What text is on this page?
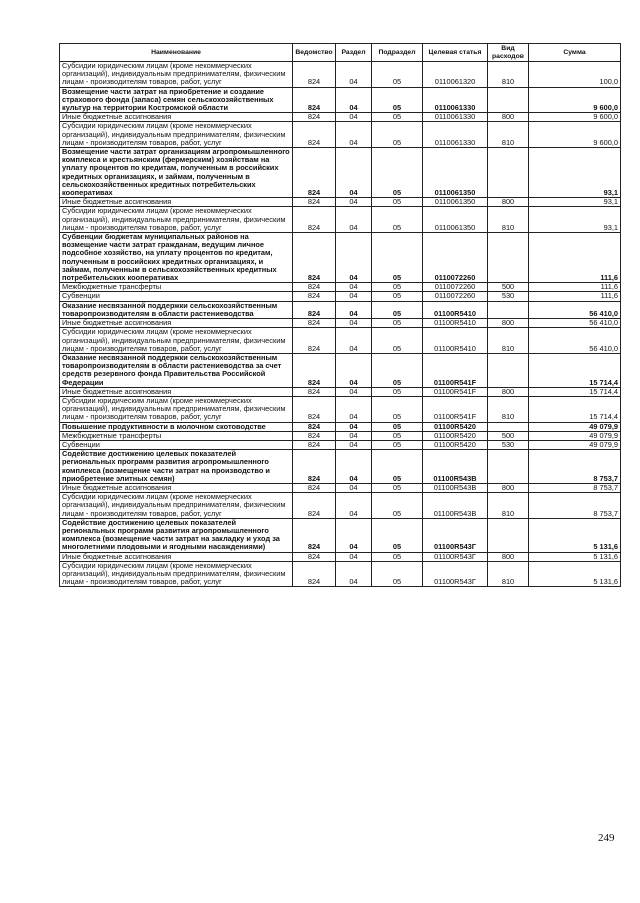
Наименование	Ведомство	Раздел	Подраздел	Целевая статья	Вид расходов	Сумма
Субсидии юридическим лицам (кроме некоммерческих организаций), индивидуальным предпринимателям, физическим лицам - производителям товаров, работ, услуг	824	04	05	0110061320	810	100,0
Возмещение части затрат на приобретение и создание страхового фонда (запаса) семян сельскохозяйственных культур на территории Костромской области	824	04	05	0110061330		9 600,0
Иные бюджетные ассигнования	824	04	05	0110061330	800	9 600,0
Субсидии юридическим лицам (кроме некоммерческих организаций), индивидуальным предпринимателям, физическим лицам - производителям товаров, работ, услуг	824	04	05	0110061330	810	9 600,0
Возмещение части затрат организациям агропромышленного комплекса и крестьянским (фермерским) хозяйствам на уплату процентов по кредитам, полученным в российских кредитных организациях, и займам, полученным в сельскохозяйственных кредитных потребительских кооперативах	824	04	05	0110061350		93,1
Иные бюджетные ассигнования	824	04	05	0110061350	800	93,1
Субсидии юридическим лицам (кроме некоммерческих организаций), индивидуальным предпринимателям, физическим лицам - производителям товаров, работ, услуг	824	04	05	0110061350	810	93,1
Субвенции бюджетам муниципальных районов на возмещение части затрат гражданам, ведущим личное подсобное хозяйство, на уплату процентов по кредитам, полученным в российских кредитных организациях, и займам, полученным в сельскохозяйственных кредитных потребительских кооперативах	824	04	05	0110072260		111,6
Межбюджетные трансферты	824	04	05	0110072260	500	111,6
Субвенции	824	04	05	0110072260	530	111,6
Оказание несвязанной поддержки сельскохозяйственным товаропроизводителям в области растениеводства	824	04	05	01100R5410		56 410,0
Иные бюджетные ассигнования	824	04	05	01100R5410	800	56 410,0
Субсидии юридическим лицам (кроме некоммерческих организаций), индивидуальным предпринимателям, физическим лицам - производителям товаров, работ, услуг	824	04	05	01100R5410	810	56 410,0
Оказание несвязанной поддержки сельскохозяйственным товаропроизводителям в области растениеводства за счет средств резервного фонда Правительства Российской Федерации	824	04	05	01100R541F		15 714,4
Иные бюджетные ассигнования	824	04	05	01100R541F	800	15 714,4
Субсидии юридическим лицам (кроме некоммерческих организаций), индивидуальным предпринимателям, физическим лицам - производителям товаров, работ, услуг	824	04	05	01100R541F	810	15 714,4
Повышение продуктивности в молочном скотоводстве	824	04	05	01100R5420		49 079,9
Межбюджетные трансферты	824	04	05	01100R5420	500	49 079,9
Субвенции	824	04	05	01100R5420	530	49 079,9
Содействие достижению целевых показателей региональных программ развития агропромышленного комплекса (возмещение части затрат на производство и приобретение элитных семян)	824	04	05	01100R543B		8 753,7
Иные бюджетные ассигнования	824	04	05	01100R543B	800	8 753,7
Субсидии юридическим лицам (кроме некоммерческих организаций), индивидуальным предпринимателям, физическим лицам - производителям товаров, работ, услуг	824	04	05	01100R543B	810	8 753,7
Содействие достижению целевых показателей региональных программ развития агропромышленного комплекса (возмещение части затрат на закладку и уход за многолетними плодовыми и ягодными насаждениями)	824	04	05	01100R543Г		5 131,6
Иные бюджетные ассигнования	824	04	05	01100R543Г	800	5 131,6
Субсидии юридическим лицам (кроме некоммерческих организаций), индивидуальным предпринимателям, физическим лицам - производителям товаров, работ, услуг	824	04	05	01100R543Г	810	5 131,6
249
